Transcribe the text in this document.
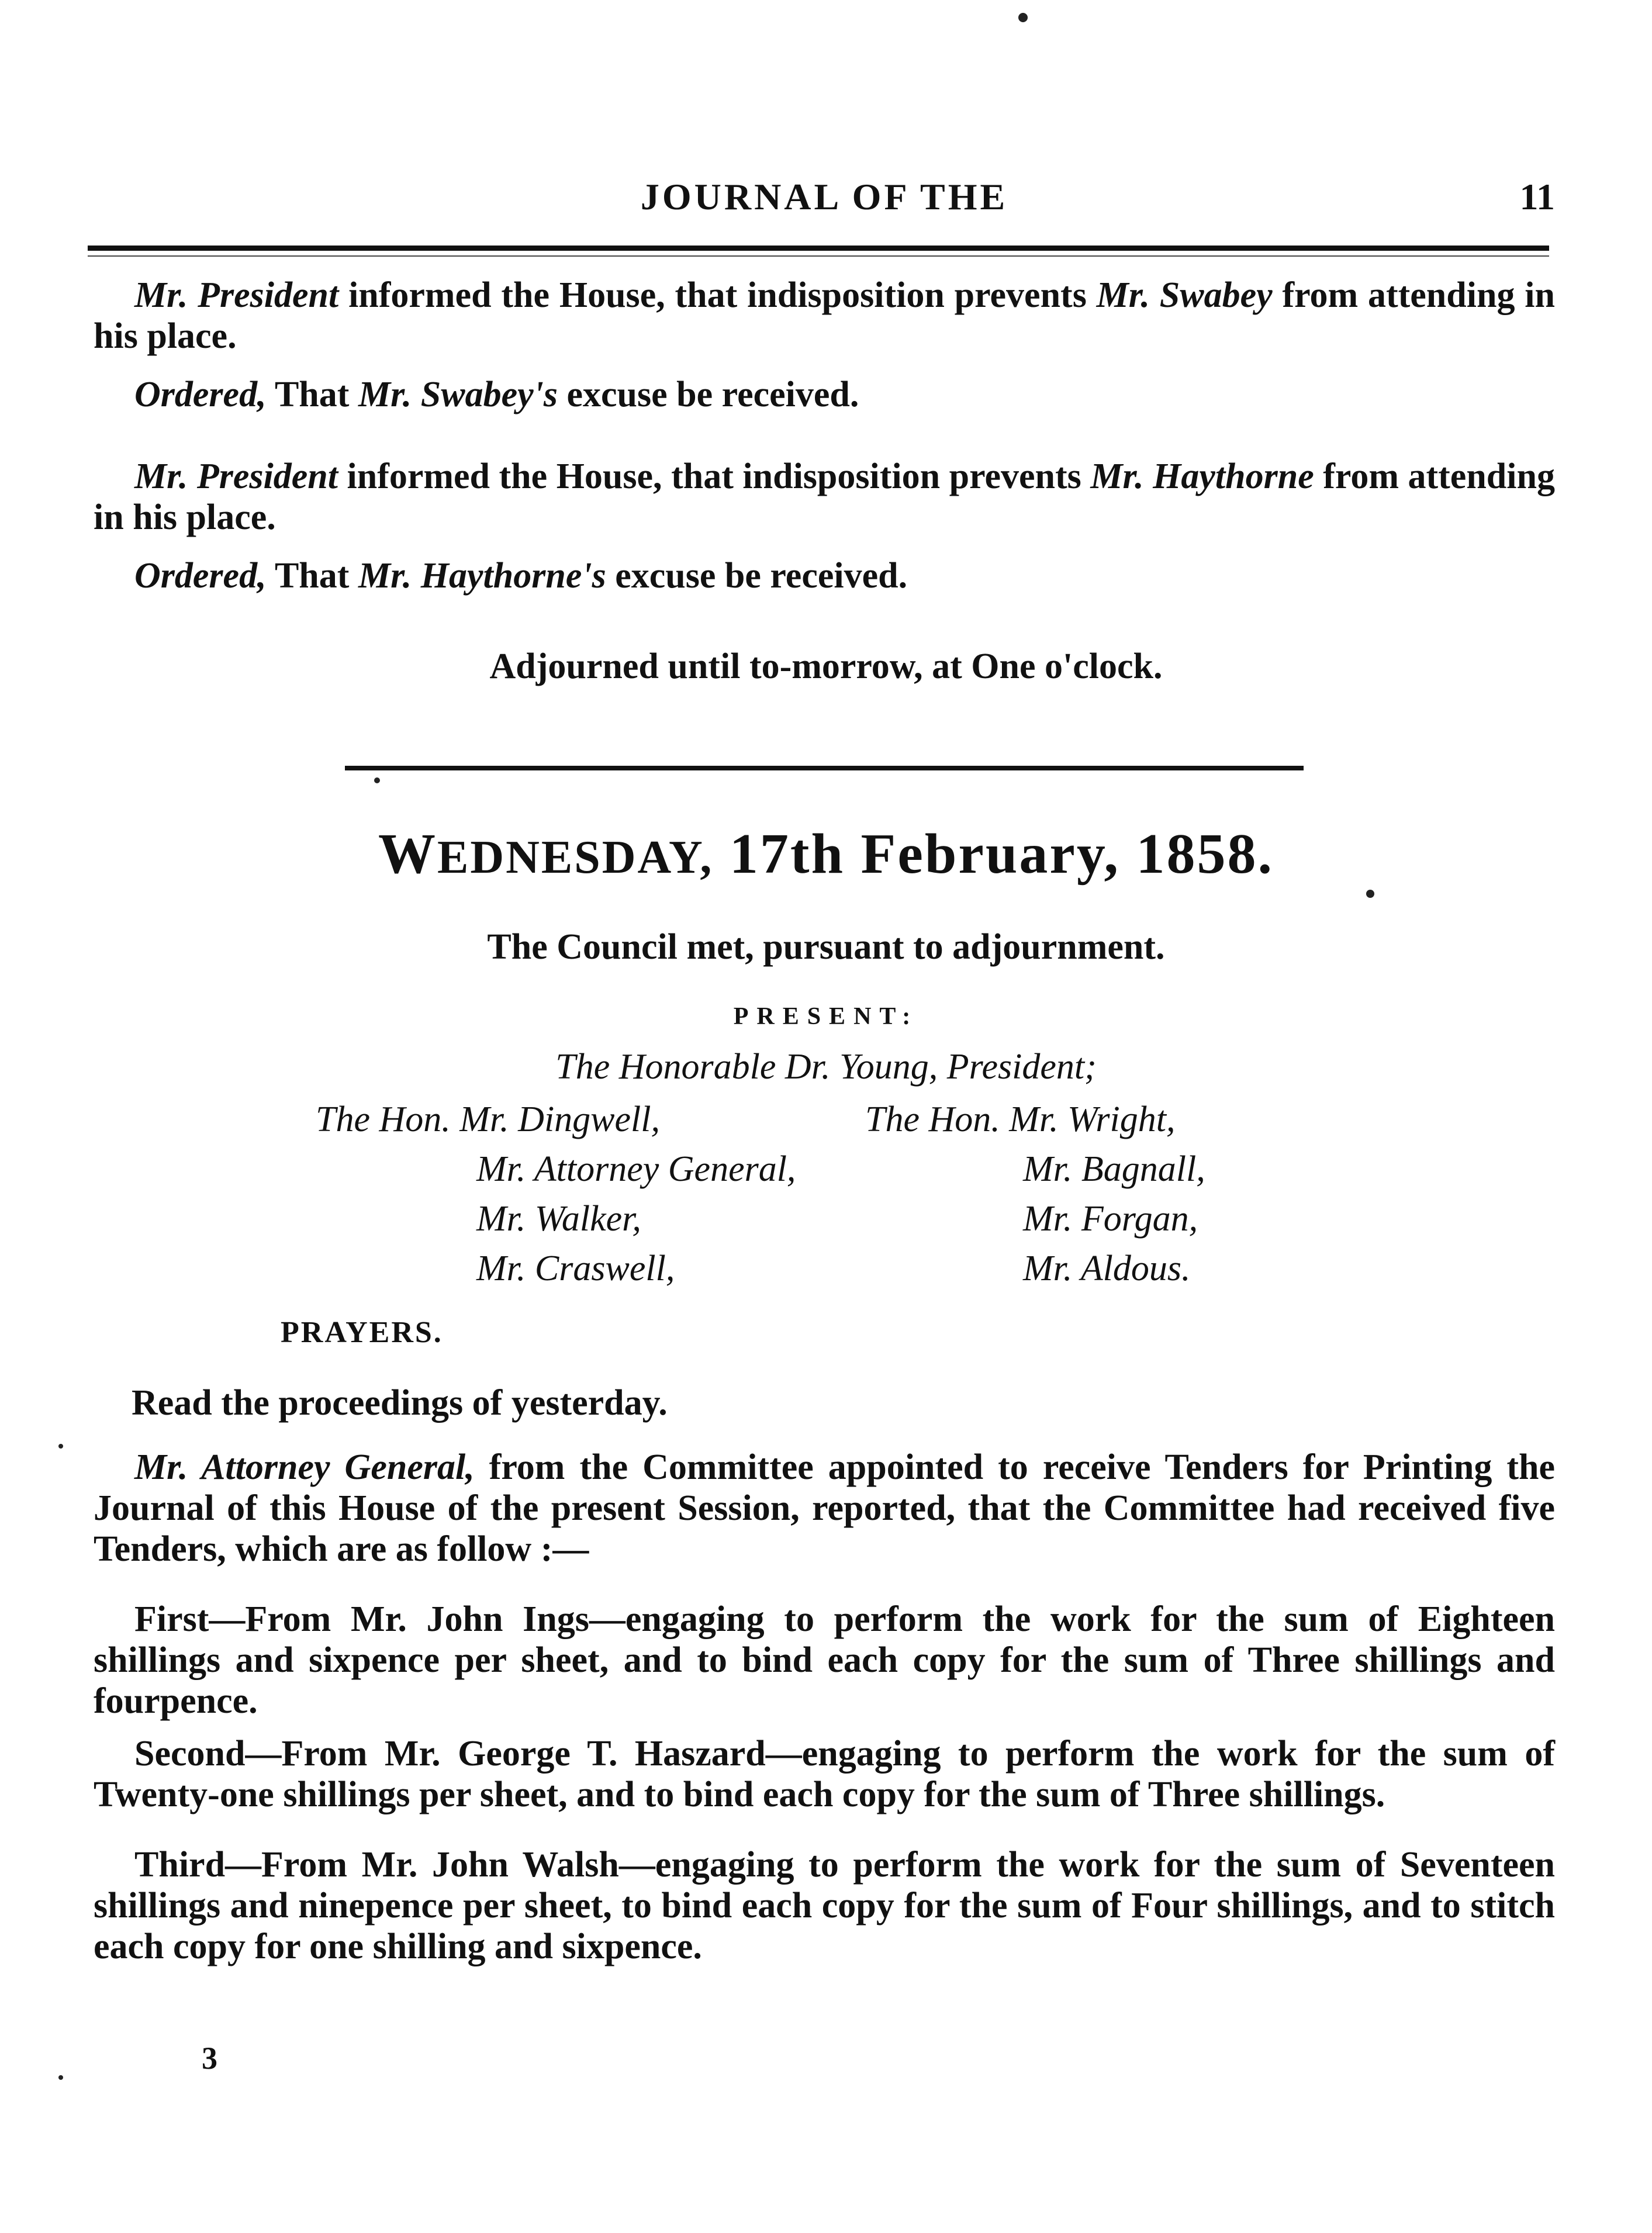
JOURNAL OF THE	11
Mr. President informed the House, that indisposition prevents Mr. Swabey from attending in his place.
Ordered, That Mr. Swabey's excuse be received.
Mr. President informed the House, that indisposition prevents Mr. Haythorne from attending in his place.
Ordered, That Mr. Haythorne's excuse be received.
Adjourned until to-morrow, at One o'clock.
WEDNESDAY, 17th February, 1858.
The Council met, pursuant to adjournment.
PRESENT:
The Honorable Dr. Young, President;
The Hon. Mr. Dingwell,
Mr. Attorney General,
Mr. Walker,
Mr. Craswell,
The Hon. Mr. Wright,
Mr. Bagnall,
Mr. Forgan,
Mr. Aldous.
PRAYERS.
Read the proceedings of yesterday.
Mr. Attorney General, from the Committee appointed to receive Tenders for Printing the Journal of this House of the present Session, reported, that the Committee had received five Tenders, which are as follow :—
First—From Mr. John Ings—engaging to perform the work for the sum of Eighteen shillings and sixpence per sheet, and to bind each copy for the sum of Three shillings and fourpence.
Second—From Mr. George T. Haszard—engaging to perform the work for the sum of Twenty-one shillings per sheet, and to bind each copy for the sum of Three shillings.
Third—From Mr. John Walsh—engaging to perform the work for the sum of Seventeen shillings and ninepence per sheet, to bind each copy for the sum of Four shillings, and to stitch each copy for one shilling and sixpence.
3
